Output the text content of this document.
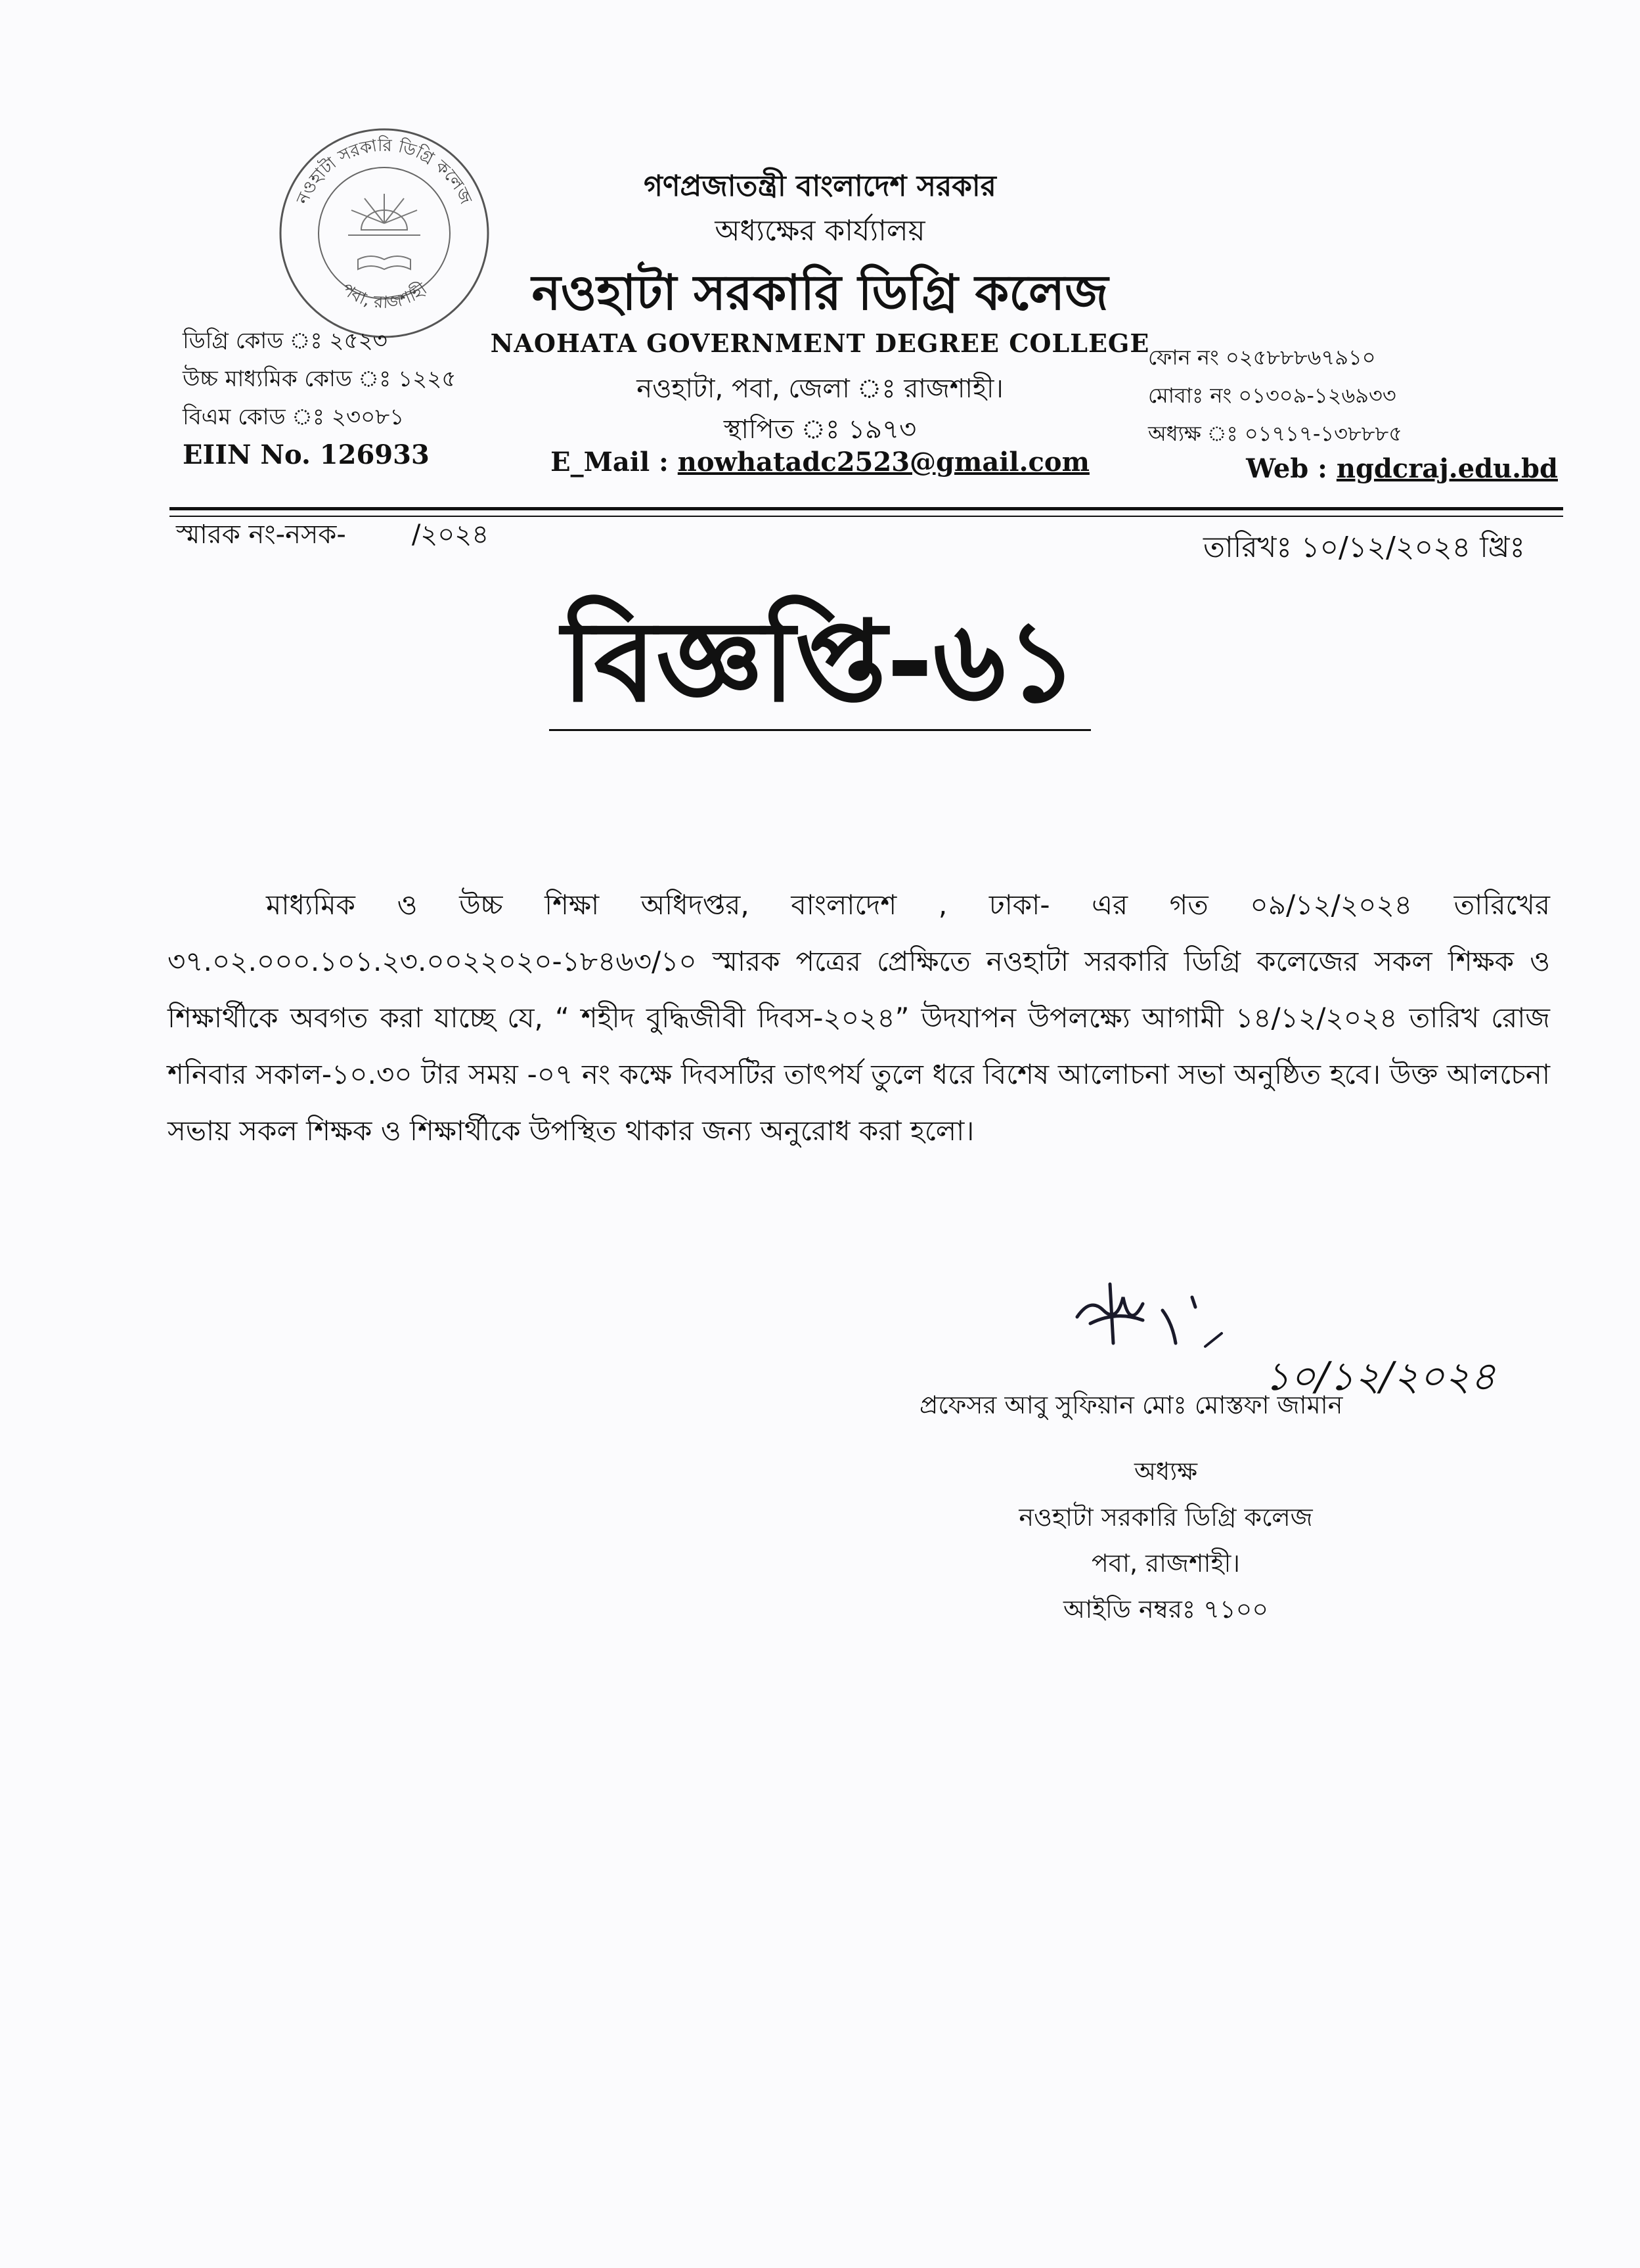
নওহাটা সরকারি ডিগ্রি কলেজ
পবা, রাজশাহী
গণপ্রজাতন্ত্রী বাংলাদেশ সরকার
অধ্যক্ষের কার্য্যালয়
নওহাটা সরকারি ডিগ্রি কলেজ
NAOHATA GOVERNMENT DEGREE COLLEGE
নওহাটা, পবা, জেলা ঃ রাজশাহী।
স্থাপিত ঃ ১৯৭৩
E_Mail : nowhatadc2523@gmail.com
ডিগ্রি কোড ঃ ২৫২৩
উচ্চ মাধ্যমিক কোড ঃ ১২২৫
বিএম কোড ঃ ২৩০৮১
EIIN No. 126933
ফোন নং ০২৫৮৮৮৬৭৯১০
মোবাঃ নং ০১৩০৯-১২৬৯৩৩
অধ্যক্ষ ঃ ০১৭১৭-১৩৮৮৮৫
Web : ngdcraj.edu.bd
স্মারক নং-নসক-	/২০২৪	তারিখঃ ১০/১২/২০২৪ খ্রিঃ
বিজ্ঞপ্তি-৬১
মাধ্যমিক ও উচ্চ শিক্ষা অধিদপ্তর, বাংলাদেশ , ঢাকা- এর গত ০৯/১২/২০২৪ তারিখের ৩৭.০২.০০০.১০১.২৩.০০২২০২০-১৮৪৬৩/১০ স্মারক পত্রের প্রেক্ষিতে নওহাটা সরকারি ডিগ্রি কলেজের সকল শিক্ষক ও শিক্ষার্থীকে অবগত করা যাচ্ছে যে, “ শহীদ বুদ্ধিজীবী দিবস-২০২৪” উদযাপন উপলক্ষ্যে আগামী ১৪/১২/২০২৪ তারিখ রোজ শনিবার সকাল-১০.৩০ টার সময় -০৭ নং কক্ষে দিবসটির তাৎপর্য তুলে ধরে বিশেষ আলোচনা সভা অনুষ্ঠিত হবে। উক্ত আলচেনা সভায় সকল শিক্ষক ও শিক্ষার্থীকে উপস্থিত থাকার জন্য অনুরোধ করা হলো।
১০/১২/২০২৪
প্রফেসর আবু সুফিয়ান মোঃ মোস্তফা জামান
অধ্যক্ষ
নওহাটা সরকারি ডিগ্রি কলেজ
পবা, রাজশাহী।
আইডি নম্বরঃ ৭১০০
